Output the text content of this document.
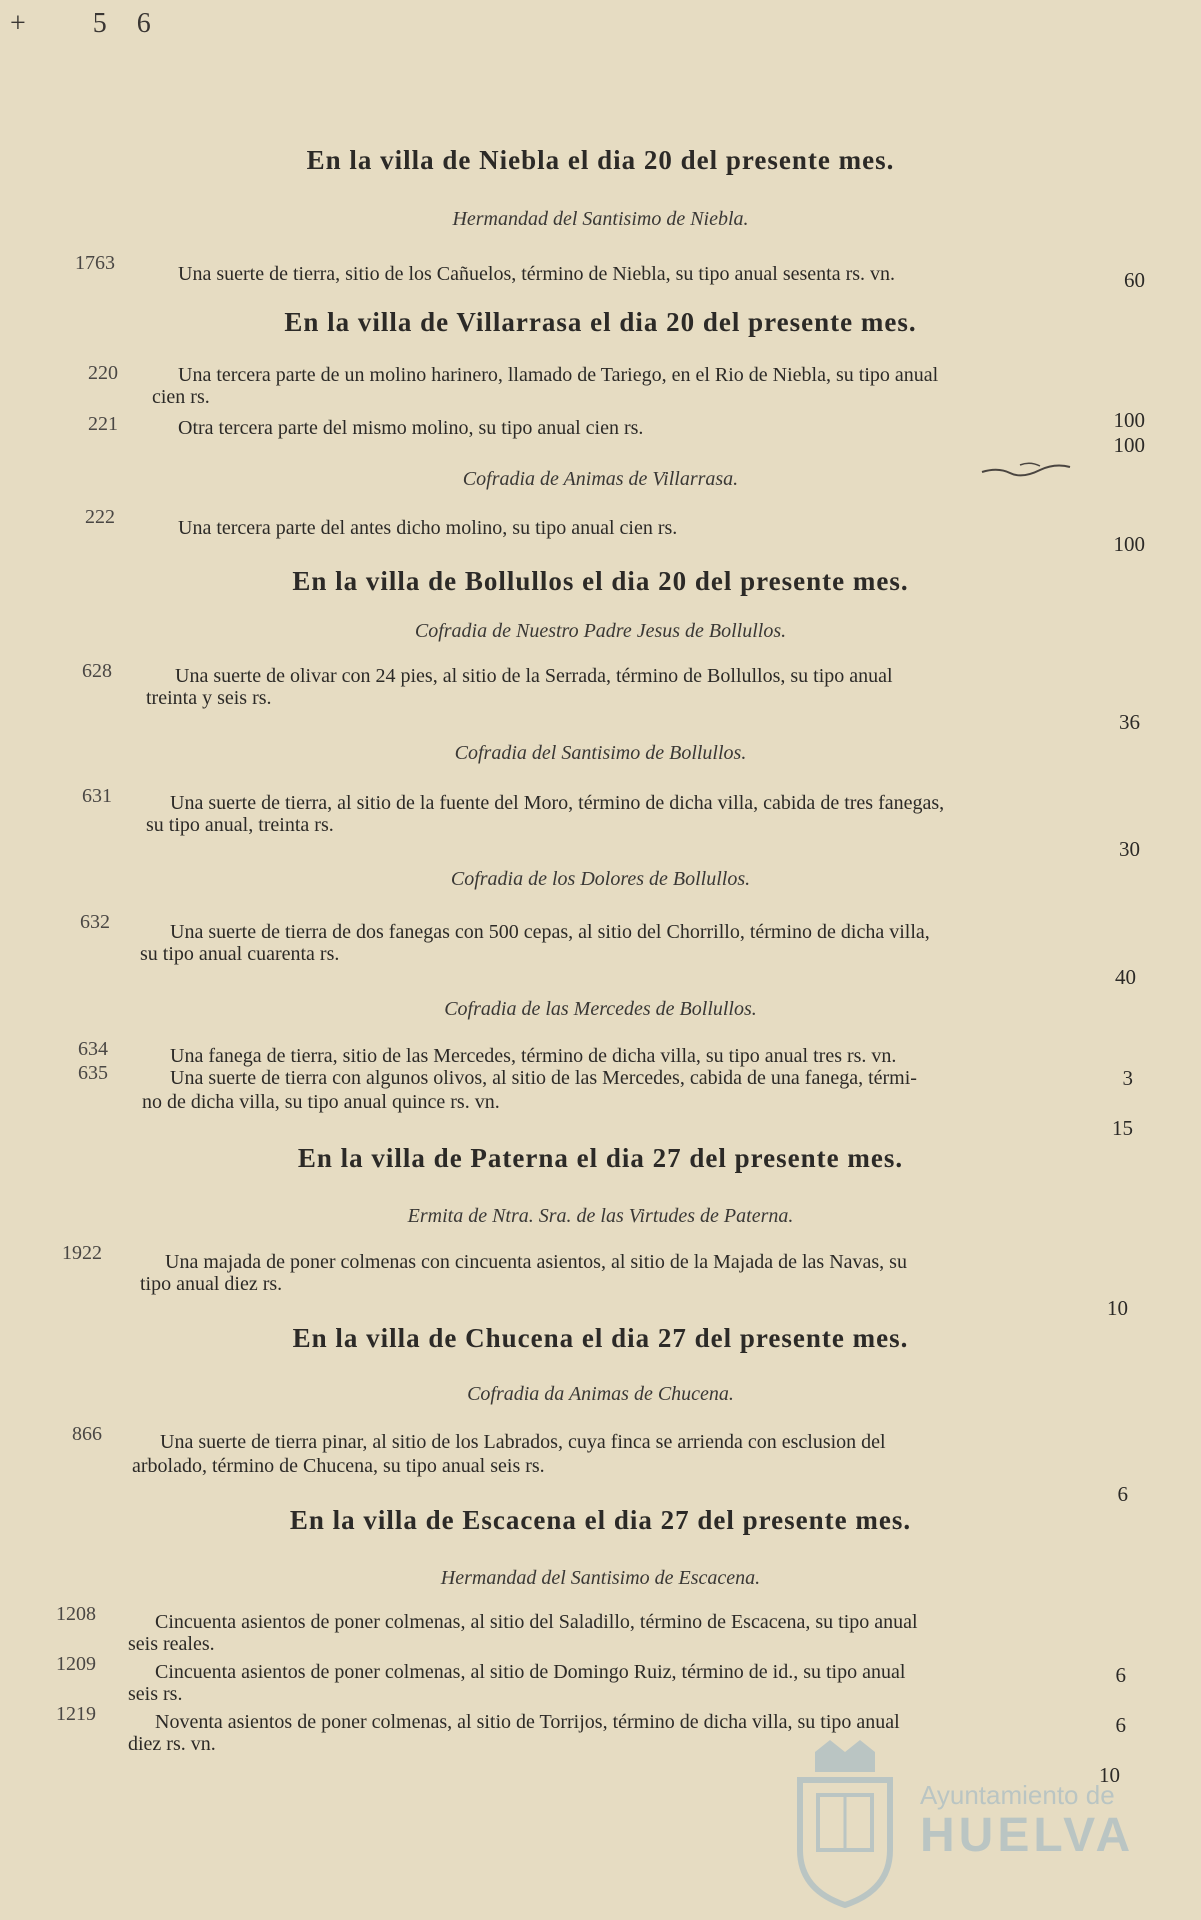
+ 56
En la villa de Niebla el dia 20 del presente mes.
Hermandad del Santisimo de Niebla.
1763	Una suerte de tierra, sitio de los Cañuelos, término de Niebla, su tipo anual sesenta rs. vn.	60
En la villa de Villarrasa el dia 20 del presente mes.
220	Una tercera parte de un molino harinero, llamado de Tariego, en el Rio de Niebla, su tipo anual
cien rs.
100
221	Otra tercera parte del mismo molino, su tipo anual cien rs.
100
Cofradia de Animas de Villarrasa.
222	Una tercera parte del antes dicho molino, su tipo anual cien rs.
100
En la villa de Bollullos el dia 20 del presente mes.
Cofradia de Nuestro Padre Jesus de Bollullos.
628	Una suerte de olivar con 24 pies, al sitio de la Serrada, término de Bollullos, su tipo anual
treinta y seis rs.
36
Cofradia del Santisimo de Bollullos.
631	Una suerte de tierra, al sitio de la fuente del Moro, término de dicha villa, cabida de tres fanegas,
su tipo anual, treinta rs.
30
Cofradia de los Dolores de Bollullos.
632	Una suerte de tierra de dos fanegas con 500 cepas, al sitio del Chorrillo, término de dicha villa,
su tipo anual cuarenta rs.
40
Cofradia de las Mercedes de Bollullos.
634	Una fanega de tierra, sitio de las Mercedes, término de dicha villa, su tipo anual tres rs. vn.
3
635	Una suerte de tierra con algunos olivos, al sitio de las Mercedes, cabida de una fanega, térmi-
no de dicha villa, su tipo anual quince rs. vn.
15
En la villa de Paterna el dia 27 del presente mes.
Ermita de Ntra. Sra. de las Virtudes de Paterna.
1922	Una majada de poner colmenas con cincuenta asientos, al sitio de la Majada de las Navas, su
tipo anual diez rs.
10
En la villa de Chucena el dia 27 del presente mes.
Cofradia da Animas de Chucena.
866	Una suerte de tierra pinar, al sitio de los Labrados, cuya finca se arrienda con esclusion del
arbolado, término de Chucena, su tipo anual seis rs.
6
En la villa de Escacena el dia 27 del presente mes.
Hermandad del Santisimo de Escacena.
1208	Cincuenta asientos de poner colmenas, al sitio del Saladillo, término de Escacena, su tipo anual
seis reales.
6
1209	Cincuenta asientos de poner colmenas, al sitio de Domingo Ruiz, término de id., su tipo anual
seis rs.
6
1219	Noventa asientos de poner colmenas, al sitio de Torrijos, término de dicha villa, su tipo anual
diez rs. vn.
10
Ayuntamiento de
HUELVA
